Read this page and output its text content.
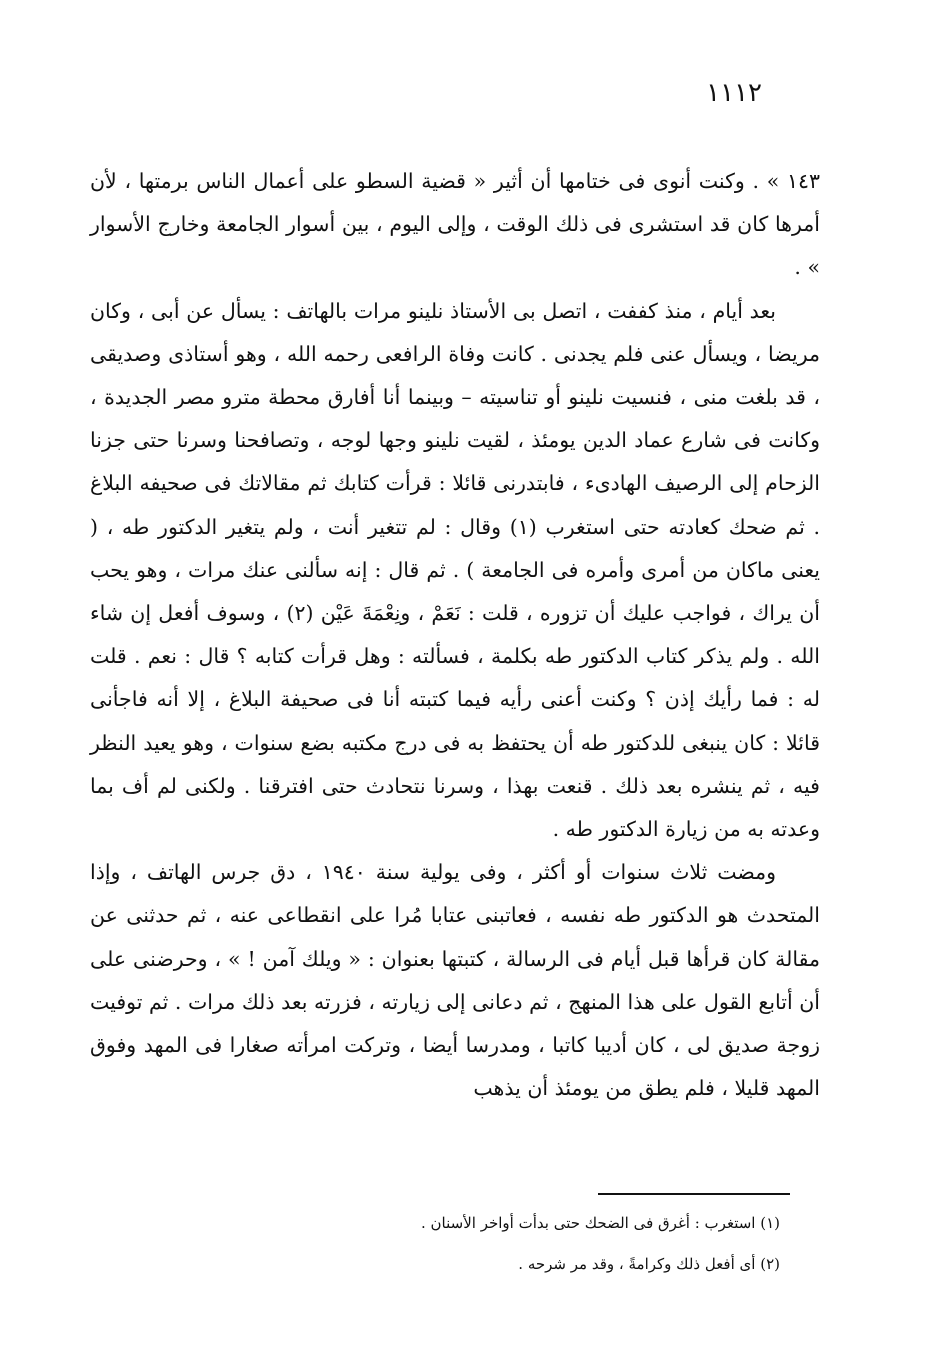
١١١٢

١٤٣ » . وكنت أنوى فى ختامها أن أثير « قضية السطو على أعمال الناس برمتها ، لأن أمرها كان قد استشرى فى ذلك الوقت ، وإلى اليوم ، بين أسوار الجامعة وخارج الأسوار » .

بعد أيام ، منذ كففت ، اتصل بى الأستاذ نلينو مرات بالهاتف : يسأل عن أبى ، وكان مريضا ، ويسأل عنى فلم يجدنى . كانت وفاة الرافعى رحمه الله ، وهو أستاذى وصديقى ، قد بلغت منى ، فنسيت نلينو أو تناسيته – وبينما أنا أفارق محطة مترو مصر الجديدة ، وكانت فى شارع عماد الدين يومئذ ، لقيت نلينو وجها لوجه ، وتصافحنا وسرنا حتى جزنا الزحام إلى الرصيف الهادىء ، فابتدرنى قائلا : قرأت كتابك ثم مقالاتك فى صحيفه البلاغ . ثم ضحك كعادته حتى استغرب (١) وقال : لم تتغير أنت ، ولم يتغير الدكتور طه ، ( يعنى ماكان من أمرى وأمره فى الجامعة ) . ثم قال : إنه سألنى عنك مرات ، وهو يحب أن يراك ، فواجب عليك أن تزوره ، قلت : نَعَمْ ، ونِعْمَةَ عَيْن (٢) ، وسوف أفعل إن شاء الله . ولم يذكر كتاب الدكتور طه بكلمة ، فسألته : وهل قرأت كتابه ؟ قال : نعم . قلت له : فما رأيك إذن ؟ وكنت أعنى رأيه فيما كتبته أنا فى صحيفة البلاغ ، إلا أنه فاجأنى قائلا : كان ينبغى للدكتور طه أن يحتفظ به فى درج مكتبه بضع سنوات ، وهو يعيد النظر فيه ، ثم ينشره بعد ذلك . قنعت بهذا ، وسرنا نتحادث حتى افترقنا . ولكنى لم أف بما وعدته به من زيارة الدكتور طه .

ومضت ثلاث سنوات أو أكثر ، وفى يولية سنة ١٩٤٠ ، دق جرس الهاتف ، وإذا المتحدث هو الدكتور طه نفسه ، فعاتبنى عتابا مُرا على انقطاعى عنه ، ثم حدثنى عن مقالة كان قرأها قبل أيام فى الرسالة ، كتبتها بعنوان : « ويلك آمن ! » ، وحرضنى على أن أتابع القول على هذا المنهج ، ثم دعانى إلى زيارته ، فزرته بعد ذلك مرات . ثم توفيت زوجة صديق لى ، كان أديبا كاتبا ، ومدرسا أيضا ، وتركت امرأته صغارا فى المهد وفوق المهد قليلا ، فلم يطق من يومئذ أن يذهب

(١) استغرب : أغرق فى الضحك حتى بدأت أواخر الأسنان .

(٢) أى أفعل ذلك وكرامةً ، وقد مر شرحه .
